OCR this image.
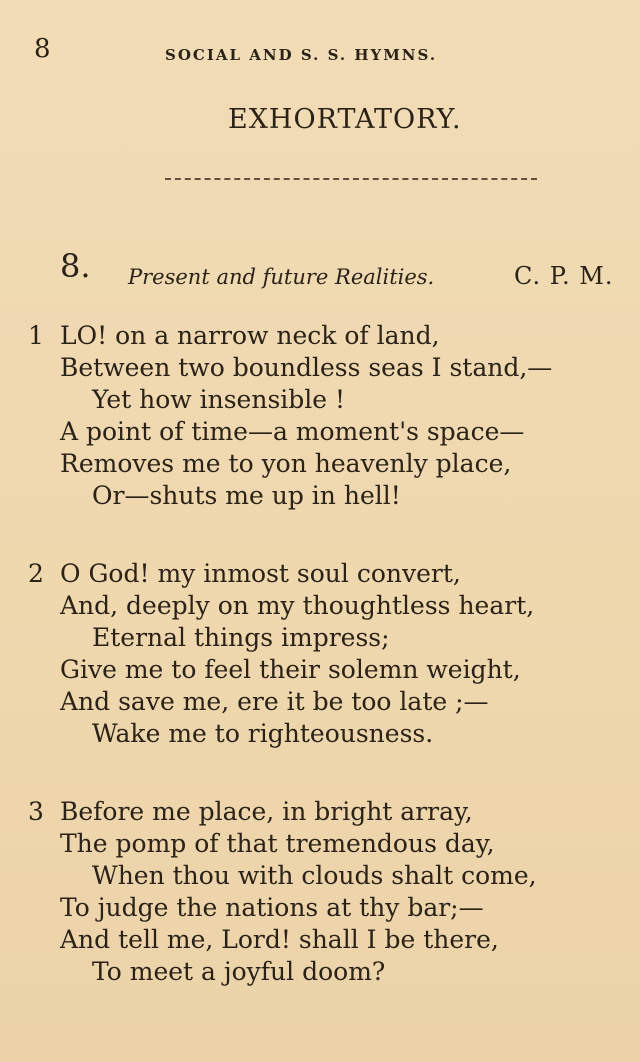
8	SOCIAL AND S. S. HYMNS.
EXHORTATORY.
8. Present and future Realities.	C. P. M.
1 LO! on a narrow neck of land,
Between two boundless seas I stand,—
Yet how insensible !
A point of time—a moment's space—
Removes me to yon heavenly place,
Or—shuts me up in hell!
2 O God! my inmost soul convert,
And, deeply on my thoughtless heart,
Eternal things impress;
Give me to feel their solemn weight,
And save me, ere it be too late ;—
Wake me to righteousness.
3 Before me place, in bright array,
The pomp of that tremendous day,
When thou with clouds shalt come,
To judge the nations at thy bar;—
And tell me, Lord! shall I be there,
To meet a joyful doom?
